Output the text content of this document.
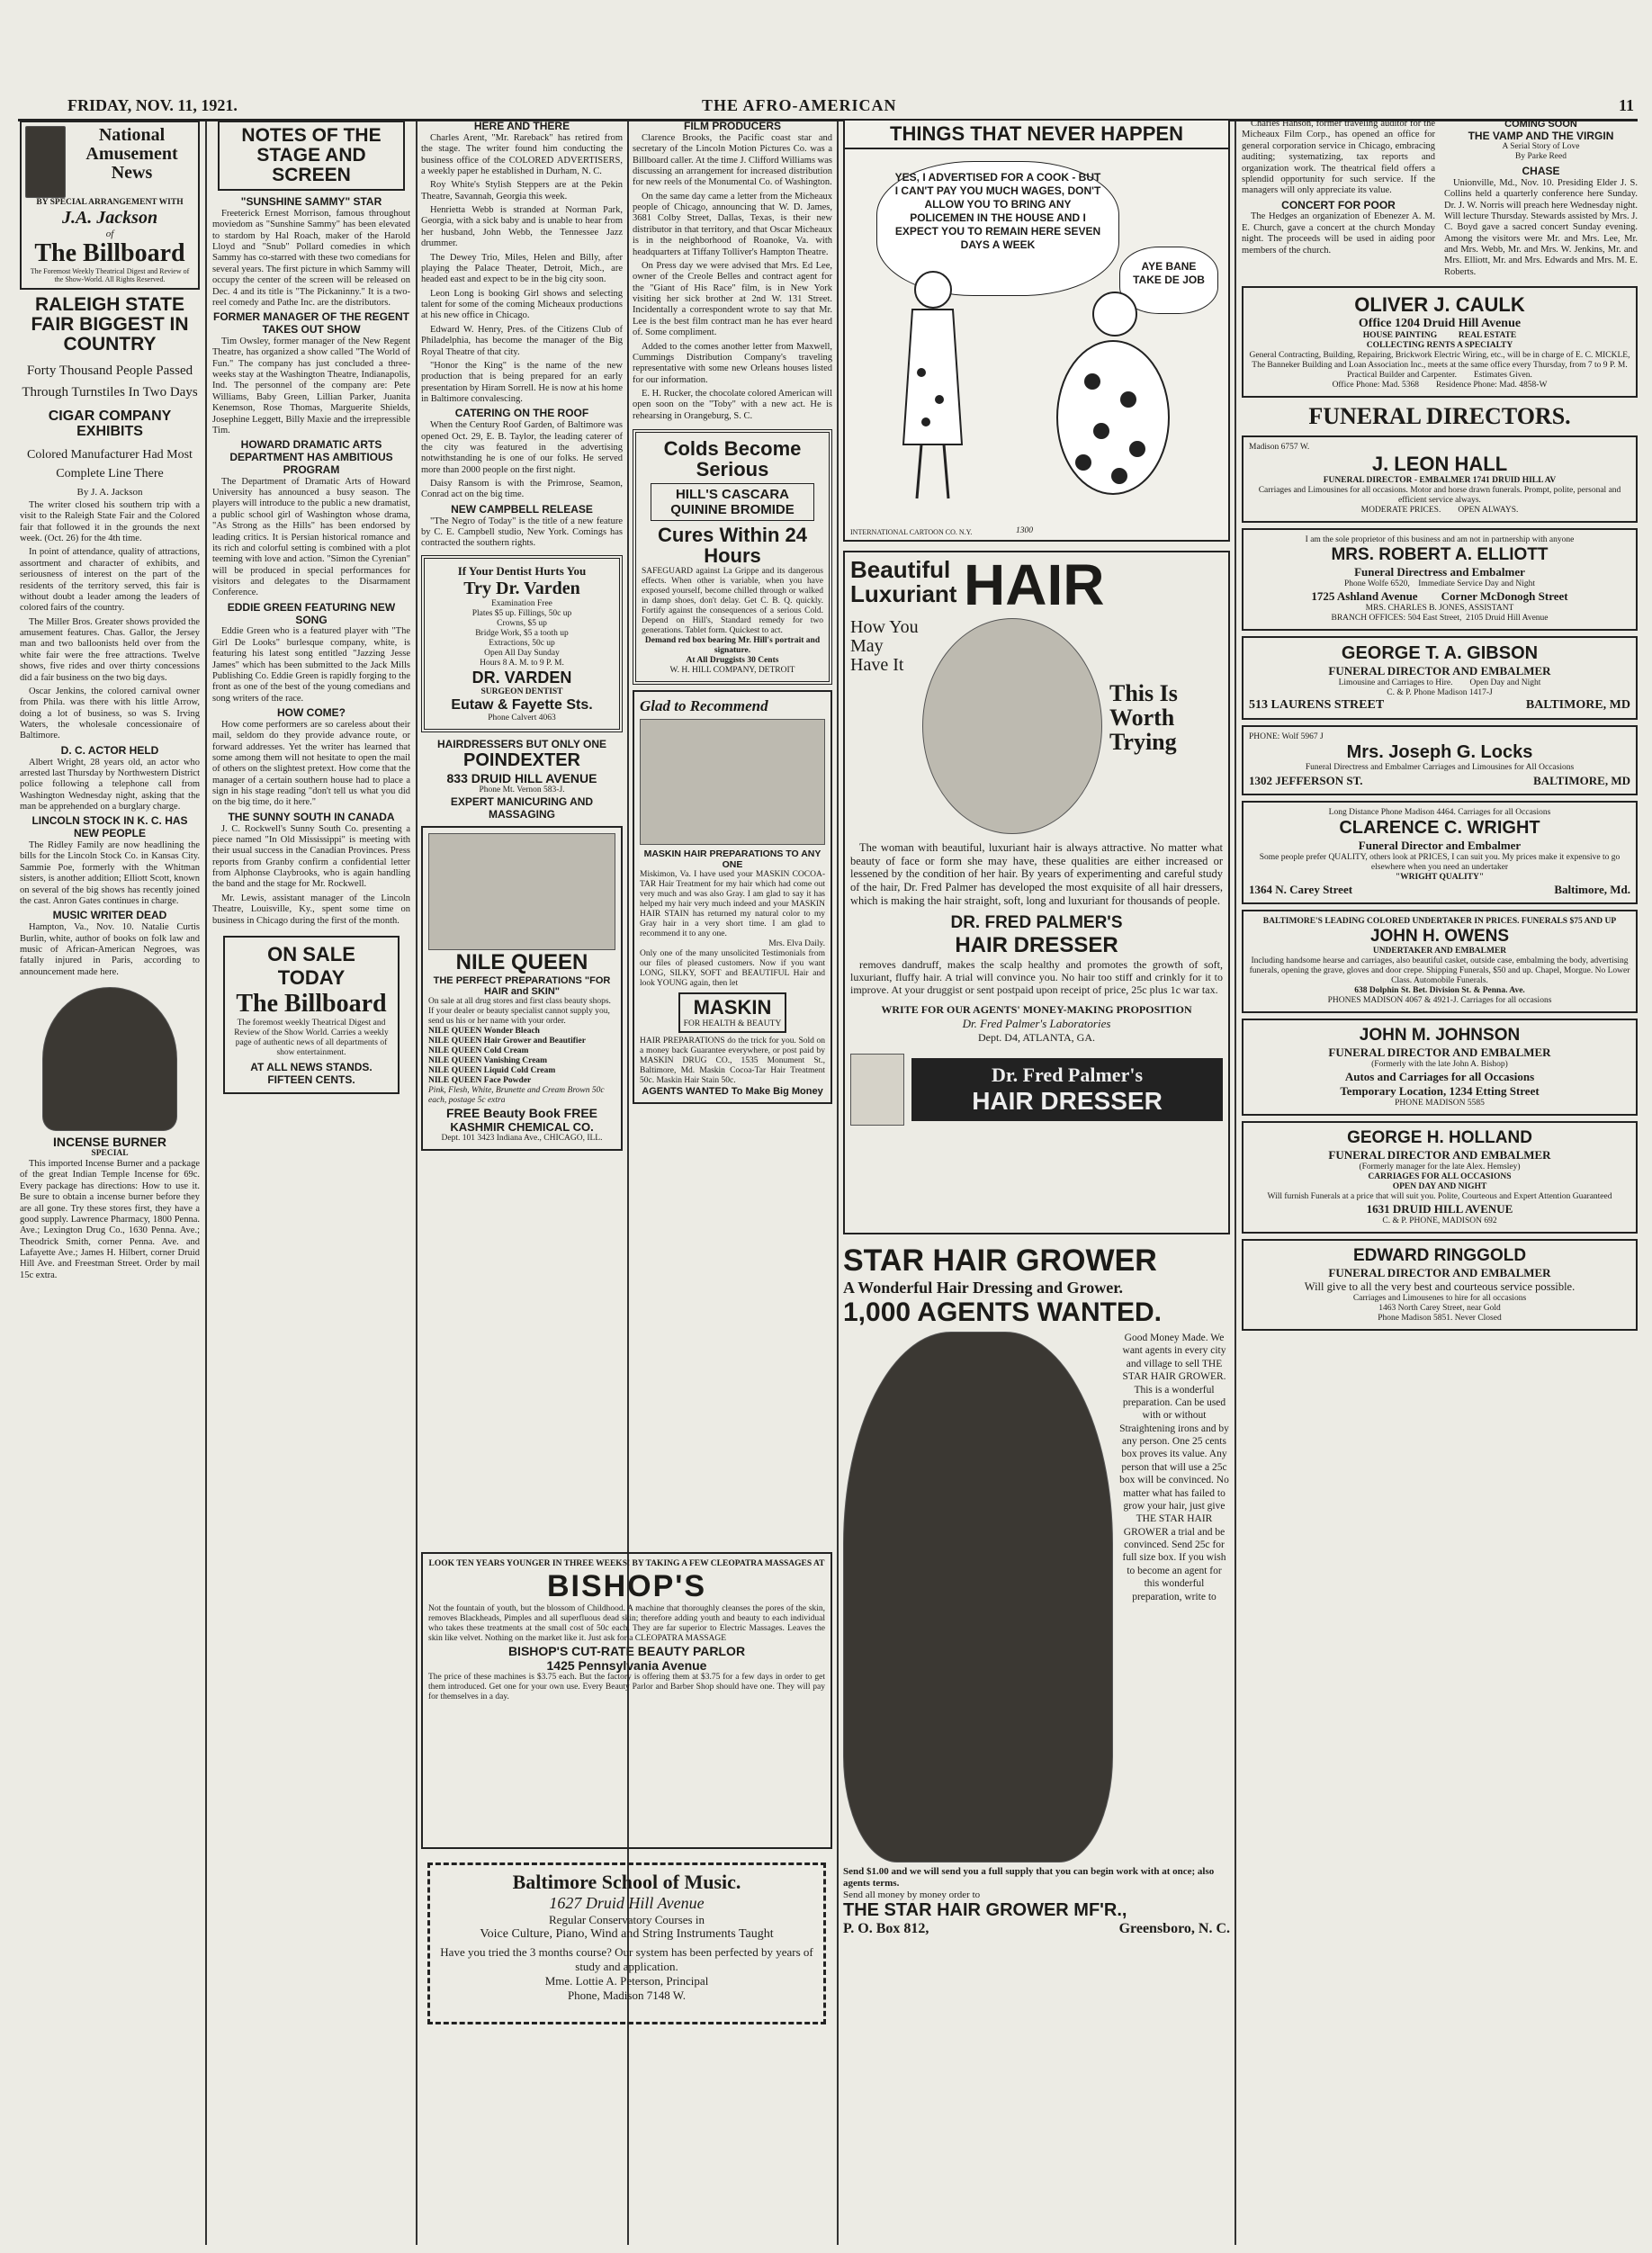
FRIDAY, NOV. 11, 1921.	THE AFRO-AMERICAN	11
National
Amusement
News
BY SPECIAL ARRANGEMENT WITH
J.A. Jackson
of
The Billboard
The Foremost Weekly Theatrical Digest and Review of the Show-World. All Rights Reserved.
RALEIGH STATE FAIR BIGGEST IN COUNTRY
Forty Thousand People Passed Through Turnstiles In Two Days
CIGAR COMPANY EXHIBITS
Colored Manufacturer Had Most Complete Line There
By J. A. Jackson

The writer closed his southern trip with a visit to the Raleigh State Fair and the Colored fair that followed it in the grounds the next week. (Oct. 26) for the 4th time.

In point of attendance, quality of attractions, assortment and character of exhibits, and seriousness of interest on the part of the residents of the territory served, this fair is without doubt a leader among the leaders of colored fairs of the country.

The Miller Bros. Greater shows provided the amusement features. Chas. Gallor, the Jersey man and two balloonists held over from the white fair were the free attractions. Twelve shows, five rides and over thirty concessions did a fair business on the two big days.

Oscar Jenkins, the colored carnival owner from Phila. was there with his little Arrow, doing a lot of business, so was S. Irving Waters, the wholesale concessionaire of Baltimore.

D. C. ACTOR HELD

Albert Wright, 28 years old, an actor who arrested last Thursday by Northwestern District police following a telephone call from Washington Wednesday night, asking that the man be apprehended on a burglary charge.

LINCOLN STOCK IN K. C. HAS NEW PEOPLE

The Ridley Family are now headlining the bills for the Lincoln Stock Co. in Kansas City. Sammie Poe, formerly with the Whitman sisters, is another addition; Elliott Scott, known on several of the big shows has recently joined the cast. Anron Gates continues in charge.

MUSIC WRITER DEAD

Hampton, Va., Nov. 10. Natalie Curtis Burlin, white, author of books on folk law and music of African-American Negroes, was fatally injured in Paris, according to announcement made here.

INCENSE BURNER
SPECIAL

This imported Incense Burner and a package of the great Indian Temple Incense for 69c. Every package has directions: How to use it. Be sure to obtain a incense burner before they are all gone. Try these stores first, they have a good supply. Lawrence Pharmacy, 1800 Penna. Ave.; Lexington Drug Co., 1630 Penna. Ave.; Theodrick Smith, corner Penna. Ave. and Lafayette Ave.; James H. Hilbert, corner Druid Hill Ave. and Freestman Street. Order by mail 15c extra.

NOTES OF THE STAGE AND SCREEN
"SUNSHINE SAMMY" STAR

Freeterick Ernest Morrison, famous throughout moviedom as "Sunshine Sammy" has been elevated to stardom by Hal Roach, maker of the Harold Lloyd and "Snub" Pollard comedies in which Sammy has co-starred with these two comedians for several years. The first picture in which Sammy will occupy the center of the screen will be released on Dec. 4 and its title is "The Pickaninny." It is a two-reel comedy and Pathe Inc. are the distributors.

FORMER MANAGER OF THE REGENT TAKES OUT SHOW

Tim Owsley, former manager of the New Regent Theatre, has organized a show called "The World of Fun." The company has just concluded a three-weeks stay at the Washington Theatre, Indianapolis, Ind. The personnel of the company are: Pete Williams, Baby Green, Lillian Parker, Juanita Kenemson, Rose Thomas, Marguerite Shields, Josephine Leggett, Billy Maxie and the irrepressible Tim.

HOWARD DRAMATIC ARTS DEPARTMENT HAS AMBITIOUS PROGRAM

The Department of Dramatic Arts of Howard University has announced a busy season. The players will introduce to the public a new dramatist, a public school girl of Washington whose drama, "As Strong as the Hills" has been endorsed by leading critics. It is Persian historical romance and its rich and colorful setting is combined with a plot teeming with love and action. "Simon the Cyrenian" will be produced in special performances for visitors and delegates to the Disarmament Conference.

EDDIE GREEN FEATURING NEW SONG

Eddie Green who is a featured player with "The Girl De Looks" burlesque company, white, is featuring his latest song entitled "Jazzing Jesse James" which has been submitted to the Jack Mills Publishing Co. Eddie Green is rapidly forging to the front as one of the best of the young comedians and song writers of the race.

HOW COME?

How come performers are so careless about their mail, seldom do they provide advance route, or forward addresses. Yet the writer has learned that some among them will not hesitate to open the mail of others on the slightest pretext. How come that the manager of a certain southern house had to place a sign in his stage reading "don't tell us what you did on the big time, do it here."

THE SUNNY SOUTH IN CANADA

J. C. Rockwell's Sunny South Co. presenting a piece named "In Old Mississippi" is meeting with their usual success in the Canadian Provinces. Press reports from Granby confirm a confidential letter from Alphonse Claybrooks, who is again handling the band and the stage for Mr. Rockwell.

Mr. Lewis, assistant manager of the Lincoln Theatre, Louisville, Ky., spent some time on business in Chicago during the first of the month.

ON SALE
TODAY
The Billboard
The foremost weekly Theatrical Digest and Review of the Show World. Carries a weekly page of authentic news of all departments of show entertainment.
AT ALL NEWS STANDS. FIFTEEN CENTS.
HERE AND THERE

Charles Arent, "Mr. Rareback" has retired from the stage. The writer found him conducting the business office of the COLORED ADVERTISERS, a weekly paper he established in Durham, N. C.

Roy White's Stylish Steppers are at the Pekin Theatre, Savannah, Georgia this week.

Henrietta Webb is stranded at Norman Park, Georgia, with a sick baby and is unable to hear from her husband, John Webb, the Tennessee Jazz drummer.

The Dewey Trio, Miles, Helen and Billy, after playing the Palace Theater, Detroit, Mich., are headed east and expect to be in the big city soon.

Leon Long is booking Girl shows and selecting talent for some of the coming Micheaux productions at his new office in Chicago.

Edward W. Henry, Pres. of the Citizens Club of Philadelphia, has become the manager of the Big Royal Theatre of that city.

"Honor the King" is the name of the new production that is being prepared for an early presentation by Hiram Sorrell. He is now at his home in Baltimore convalescing.

CATERING ON THE ROOF

When the Century Roof Garden, of Baltimore was opened Oct. 29, E. B. Taylor, the leading caterer of the city was featured in the advertising notwithstanding he is one of our folks. He served more than 2000 people on the first night.

Daisy Ransom is with the Primrose, Seamon, Conrad act on the big time.

NEW CAMPBELL RELEASE

"The Negro of Today" is the title of a new feature by C. E. Campbell studio, New York. Comings has contracted the southern rights.

If Your Dentist Hurts You
Try Dr. Varden
Examination Free
Plates $5 up. Fillings, 50c up
Crowns, $5 up
Bridge Work, $5 a tooth up
Extractions, 50c up
Open All Day Sunday
Hours 8 A. M. to 9 P. M.
DR. VARDEN
SURGEON DENTIST
Eutaw & Fayette Sts.
Phone Calvert 4063
HAIRDRESSERS BUT ONLY ONE
POINDEXTER
833 DRUID HILL AVENUE
Phone Mt. Vernon 583-J.
EXPERT MANICURING AND MASSAGING
NILE QUEEN
THE PERFECT PREPARATIONS "FOR HAIR and SKIN"
On sale at all drug stores and first class beauty shops. If your dealer or beauty specialist cannot supply you, send us his or her name with your order.
NILE QUEEN Wonder Bleach
NILE QUEEN Hair Grower and Beautifier
NILE QUEEN Cold Cream
NILE QUEEN Vanishing Cream
NILE QUEEN Liquid Cold Cream
NILE QUEEN Face Powder
Pink, Flesh, White, Brunette and Cream Brown 50c each, postage 5c extra
FREE Beauty Book FREE
KASHMIR CHEMICAL CO.
Dept. 101 3423 Indiana Ave., CHICAGO, ILL.
FILM PRODUCERS

Clarence Brooks, the Pacific coast star and secretary of the Lincoln Motion Pictures Co. was a Billboard caller. At the time J. Clifford Williams was discussing an arrangement for increased distribution for new reels of the Monumental Co. of Washington.

On the same day came a letter from the Micheaux people of Chicago, announcing that W. D. James, 3681 Colby Street, Dallas, Texas, is their new distributor in that territory, and that Oscar Micheaux is in the neighborhood of Roanoke, Va. with headquarters at Tiffany Tolliver's Hampton Theatre.

On Press day we were advised that Mrs. Ed Lee, owner of the Creole Belles and contract agent for the "Giant of His Race" film, is in New York visiting her sick brother at 2nd W. 131 Street. Incidentally a correspondent wrote to say that Mr. Lee is the best film contract man he has ever heard of. Some compliment.

Added to the comes another letter from Maxwell, Cummings Distribution Company's traveling representative with some new Orleans houses listed for our information.

E. H. Rucker, the chocolate colored American will open soon on the "Toby" with a new act. He is rehearsing in Orangeburg, S. C.

Colds Become Serious
HILL'S CASCARA QUININE BROMIDE
Cures Within 24 Hours
SAFEGUARD against La Grippe and its dangerous effects. When other is variable, when you have exposed yourself, become chilled through or walked in damp shoes, don't delay. Get C. B. Q. quickly. Fortify against the consequences of a serious Cold. Depend on Hill's, Standard remedy for two generations. Tablet form. Quickest to act.
Demand red box bearing Mr. Hill's portrait and signature.
At All Druggists 30 Cents
W. H. HILL COMPANY, DETROIT
Glad to Recommend
MASKIN HAIR PREPARATIONS TO ANY ONE
Miskimon, Va. I have used your MASKIN COCOA-TAR Hair Treatment for my hair which had come out very much and was also Gray. I am glad to say it has helped my hair very much indeed and your MASKIN HAIR STAIN has returned my natural color to my Gray hair in a very short time. I am glad to recommend it to any one.
Mrs. Elva Daily.
Only one of the many unsolicited Testimonials from our files of pleased customers. Now if you want LONG, SILKY, SOFT and BEAUTIFUL Hair and look YOUNG again, then let
MASKIN
FOR HEALTH & BEAUTY
HAIR PREPARATIONS do the trick for you. Sold on a money back Guarantee everywhere, or post paid by MASKIN DRUG CO., 1535 Monument St., Baltimore, Md. Maskin Cocoa-Tar Hair Treatment 50c. Maskin Hair Stain 50c.
AGENTS WANTED To Make Big Money
LOOK TEN YEARS YOUNGER IN THREE WEEKS! BY TAKING A FEW CLEOPATRA MASSAGES AT
BISHOP'S
Not the fountain of youth, but the blossom of Childhood. A machine that thoroughly cleanses the pores of the skin, removes Blackheads, Pimples and all superfluous dead skin; therefore adding youth and beauty to each individual who takes these treatments at the small cost of 50c each. They are far superior to Electric Massages. Leaves the skin like velvet. Nothing on the market like it. Just ask for a CLEOPATRA MASSAGE
BISHOP'S CUT-RATE BEAUTY PARLOR
1425 Pennsylvania Avenue
The price of these machines is $3.75 each. But the factory is offering them at $3.75 for a few days in order to get them introduced. Get one for your own use. Every Beauty Parlor and Barber Shop should have one. They will pay for themselves in a day.
Baltimore School of Music.
1627 Druid Hill Avenue
Regular Conservatory Courses in
Voice Culture, Piano, Wind and String Instruments Taught
Have you tried the 3 months course? Our system has been perfected by years of study and application.
Mme. Lottie A. Peterson, Principal
Phone, Madison 7148 W.
THINGS THAT NEVER HAPPEN
YES, I ADVERTISED FOR A COOK - BUT I CAN'T PAY YOU MUCH WAGES, DON'T ALLOW YOU TO BRING ANY POLICEMEN IN THE HOUSE AND I EXPECT YOU TO REMAIN HERE SEVEN DAYS A WEEK
AYE BANE TAKE DE JOB
INTERNATIONAL CARTOON CO. N.Y.	1300
Beautiful
Luxuriant HAIR
How You May Have It
This Is Worth Trying

The woman with beautiful, luxuriant hair is always attractive. No matter what beauty of face or form she may have, these qualities are either increased or lessened by the condition of her hair. By years of experimenting and careful study of the hair, Dr. Fred Palmer has developed the most exquisite of all hair dressers, which is making the hair straight, soft, long and luxuriant for thousands of people.

DR. FRED PALMER'S
HAIR DRESSER

removes dandruff, makes the scalp healthy and promotes the growth of soft, luxuriant, fluffy hair. A trial will convince you. No hair too stiff and crinkly for it to improve. At your druggist or sent postpaid upon receipt of price, 25c plus 1c war tax.

WRITE FOR OUR AGENTS' MONEY-MAKING PROPOSITION
Dr. Fred Palmer's Laboratories
Dept. D4, ATLANTA, GA.
Dr. Fred Palmer's
HAIR DRESSER
STAR HAIR GROWER
A Wonderful Hair Dressing and Grower.
1,000 AGENTS WANTED.
Good Money Made. We want agents in every city and village to sell THE STAR HAIR GROWER. This is a wonderful preparation. Can be used with or without Straightening irons and by any person. One 25 cents box proves its value. Any person that will use a 25c box will be convinced. No matter what has failed to grow your hair, just give THE STAR HAIR GROWER a trial and be convinced. Send 25c for full size box. If you wish to become an agent for this wonderful preparation, write to
Send $1.00 and we will send you a full supply that you can begin work with at once; also agents terms.
Send all money by money order to
THE STAR HAIR GROWER MF'R.,
P. O. Box 812,	Greensboro, N. C.

Charles Hanson, former traveling auditor for the Micheaux Film Corp., has opened an office for general corporation service in Chicago, embracing auditing; systematizing, tax reports and organization work. The theatrical field offers a splendid opportunity for such service. If the managers will only appreciate its value.

CONCERT FOR POOR

The Hedges an organization of Ebenezer A. M. E. Church, gave a concert at the church Monday night. The proceeds will be used in aiding poor members of the church.

COMING SOON
THE VAMP AND THE VIRGIN
A Serial Story of Love
By Parke Reed
CHASE

Unionville, Md., Nov. 10. Presiding Elder J. S. Collins held a quarterly conference here Sunday. Dr. J. W. Norris will preach here Wednesday night. Will lecture Thursday. Stewards assisted by Mrs. J. C. Boyd gave a sacred concert Sunday evening. Among the visitors were Mr. and Mrs. Lee, Mr. and Mrs. Webb, Mr. and Mrs. W. Jenkins, Mr. and Mrs. Elliott, Mr. and Mrs. Edwards and Mrs. M. E. Roberts.

OLIVER J. CAULK
Office 1204 Druid Hill Avenue
HOUSE PAINTING          REAL ESTATE
COLLECTING RENTS A SPECIALTY
General Contracting, Building, Repairing, Brickwork Electric Wiring, etc., will be in charge of E. C. MICKLE,
The Banneker Building and Loan Association Inc., meets at the same office every Thursday, from 7 to 9 P. M.
Practical Builder and Carpenter.        Estimates Given.
Office Phone: Mad. 5368        Residence Phone: Mad. 4858-W
FUNERAL DIRECTORS.
Madison 6757 W.
J. LEON HALL
FUNERAL DIRECTOR - EMBALMER 1741 DRUID HILL AV
Carriages and Limousines for all occasions. Motor and horse drawn funerals. Prompt, polite, personal and efficient service always.
MODERATE PRICES.        OPEN ALWAYS.
I am the sole proprietor of this business and am not in partnership with anyone
MRS. ROBERT A. ELLIOTT
Funeral Directress and Embalmer
Phone Wolfe 6520,    Immediate Service Day and Night
1725 Ashland Avenue        Corner McDonogh Street
MRS. CHARLES B. JONES, ASSISTANT
BRANCH OFFICES: 504 East Street,  2105 Druid Hill Avenue
GEORGE T. A. GIBSON
FUNERAL DIRECTOR AND EMBALMER
Limousine and Carriages to Hire.        Open Day and Night
C. & P. Phone Madison 1417-J
513 LAURENS STREET	BALTIMORE, MD
PHONE: Wolf 5967 J
Mrs. Joseph G. Locks
Funeral Directress and Embalmer Carriages and Limousines for All Occasions
1302 JEFFERSON ST.	BALTIMORE, MD
Long Distance Phone Madison 4464. Carriages for all Occasions
CLARENCE C. WRIGHT
Funeral Director and Embalmer
Some people prefer QUALITY, others look at PRICES, I can suit you. My prices make it expensive to go elsewhere when you need an undertaker
"WRIGHT QUALITY"
1364 N. Carey Street	Baltimore, Md.
BALTIMORE'S LEADING COLORED UNDERTAKER IN PRICES. FUNERALS $75 AND UP
JOHN H. OWENS
UNDERTAKER AND EMBALMER
Including handsome hearse and carriages, also beautiful casket, outside case, embalming the body, advertising funerals, opening the grave, gloves and door crepe. Shipping Funerals, $50 and up. Chapel, Morgue. No Lower Class. Automobile Funerals.
638 Dolphin St. Bet. Division St. & Penna. Ave.
PHONES MADISON 4067 & 4921-J. Carriages for all occasions
JOHN M. JOHNSON
FUNERAL DIRECTOR AND EMBALMER
(Formerly with the late John A. Bishop)
Autos and Carriages for all Occasions
Temporary Location, 1234 Etting Street
PHONE MADISON 5585
GEORGE H. HOLLAND
FUNERAL DIRECTOR AND EMBALMER
(Formerly manager for the late Alex. Hemsley)
CARRIAGES FOR ALL OCCASIONS
OPEN DAY AND NIGHT
Will furnish Funerals at a price that will suit you. Polite, Courteous and Expert Attention Guaranteed
1631 DRUID HILL AVENUE
C. & P. PHONE, MADISON 692
EDWARD RINGGOLD
FUNERAL DIRECTOR AND EMBALMER
Will give to all the very best and courteous service possible.
Carriages and Limousenes to hire for all occasions
1463 North Carey Street, near Gold
Phone Madison 5851. Never Closed
